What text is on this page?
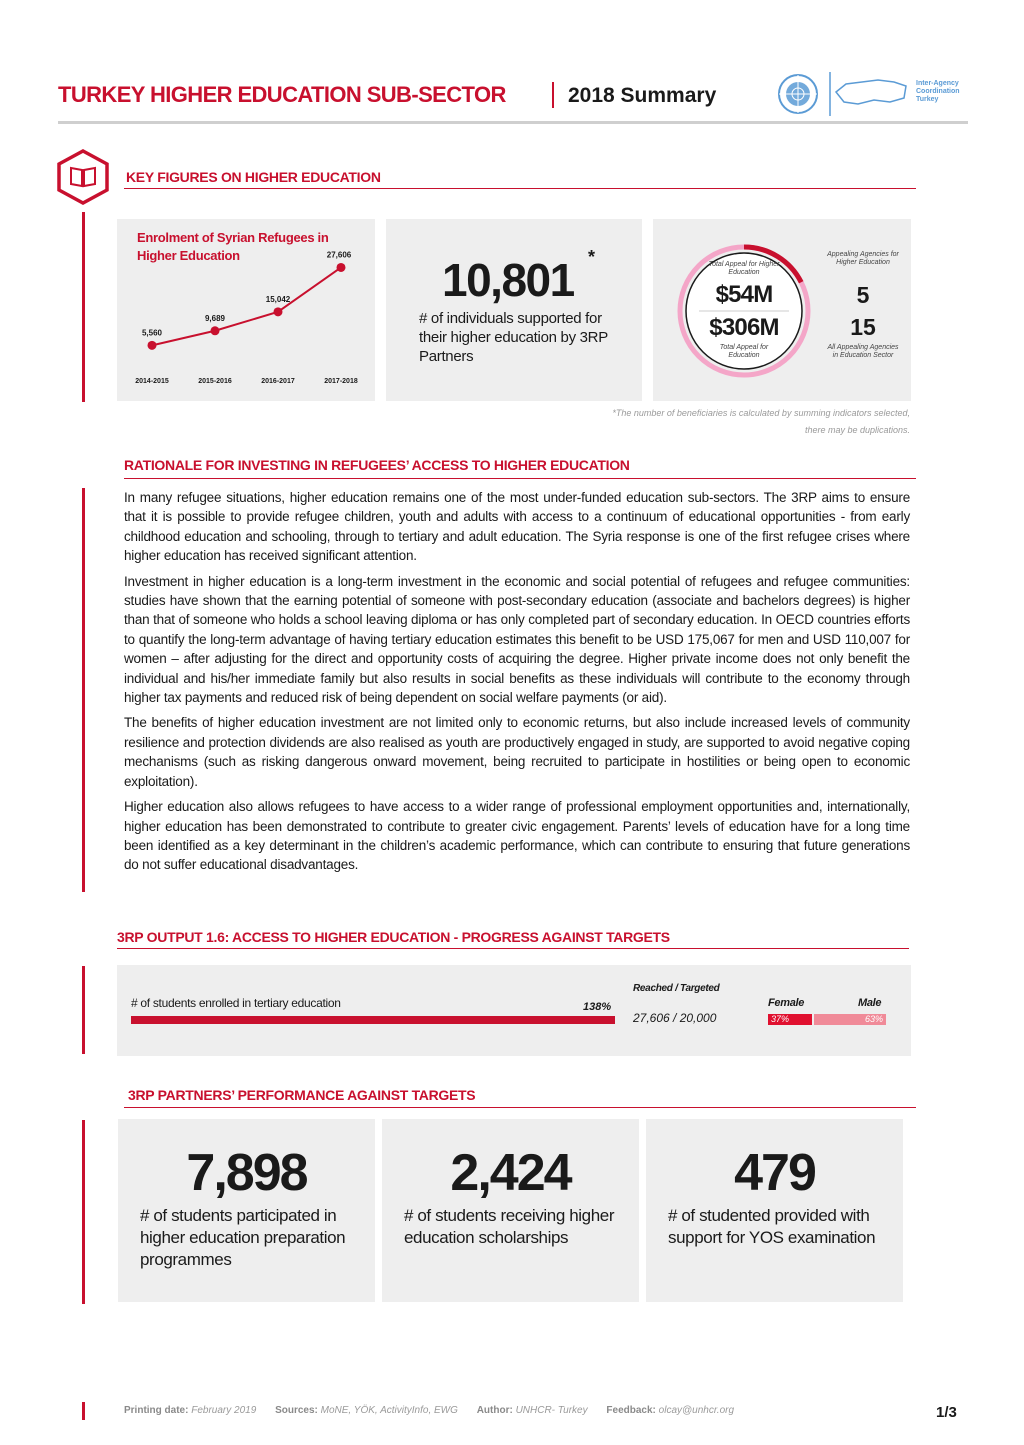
TURKEY HIGHER EDUCATION SUB-SECTOR	2018 Summary
Inter-Agency
Coordination
Turkey
KEY FIGURES ON HIGHER EDUCATION
Enrolment of Syrian Refugees in Higher Education
5,560
2014-2015
9,689
2015-2016
15,042
2016-2017
27,606
2017-2018
10,801 *
# of individuals supported for their higher education by 3RP Partners
Total Appeal for Higher Education
$54M
$306M
Total Appeal for Education
Appealing Agencies for Higher Education
5
15
All Appealing Agencies in Education Sector
*The number of beneficiaries is calculated by summing indicators selected, there may be duplications.
RATIONALE FOR INVESTING IN REFUGEES’ ACCESS TO HIGHER EDUCATION

In many refugee situations, higher education remains one of the most under-funded education sub-sectors. The 3RP aims to ensure that it is possible to provide refugee children, youth and adults with access to a continuum of educational opportunities - from early childhood education and schooling, through to tertiary and adult education. The Syria response is one of the first refugee crises where higher education has received significant attention.

Investment in higher education is a long-term investment in the economic and social potential of refugees and refugee communities: studies have shown that the earning potential of someone with post-secondary education (associate and bachelors degrees) is higher than that of someone who holds a school leaving diploma or has only completed part of secondary education. In OECD countries efforts to quantify the long-term advantage of having tertiary education estimates this benefit to be USD 175,067 for men and USD 110,007 for women – after adjusting for the direct and opportunity costs of acquiring the degree. Higher private income does not only benefit the individual and his/her immediate family but also results in social benefits as these individuals will contribute to the economy through higher tax payments and reduced risk of being dependent on social welfare payments (or aid).

The benefits of higher education investment are not limited only to economic returns, but also include increased levels of community resilience and protection dividends are also realised as youth are productively engaged in study, are supported to avoid negative coping mechanisms (such as risking dangerous onward movement, being recruited to participate in hostilities or being open to economic exploitation).

Higher education also allows refugees to have access to a wider range of professional employment opportunities and, internationally, higher education has been demonstrated to contribute to greater civic engagement. Parents’ levels of education have for a long time been identified as a key determinant in the children’s academic performance, which can contribute to ensuring that future generations do not suffer educational disadvantages.

3RP OUTPUT 1.6: ACCESS TO HIGHER EDUCATION - PROGRESS AGAINST TARGETS
# of students enrolled in tertiary education	138%
Reached / Targeted
27,606 / 20,000
Female	Male
37%	63%
3RP PARTNERS’ PERFORMANCE AGAINST TARGETS
7,898
# of students participated in higher education preparation programmes
2,424
# of students receiving higher education scholarships
479
# of studented provided with support for YOS examination
Printing date: February 2019 Sources: MoNE, YÖK, ActivityInfo, EWG Author: UNHCR- Turkey Feedback: olcay@unhcr.org	1/3
